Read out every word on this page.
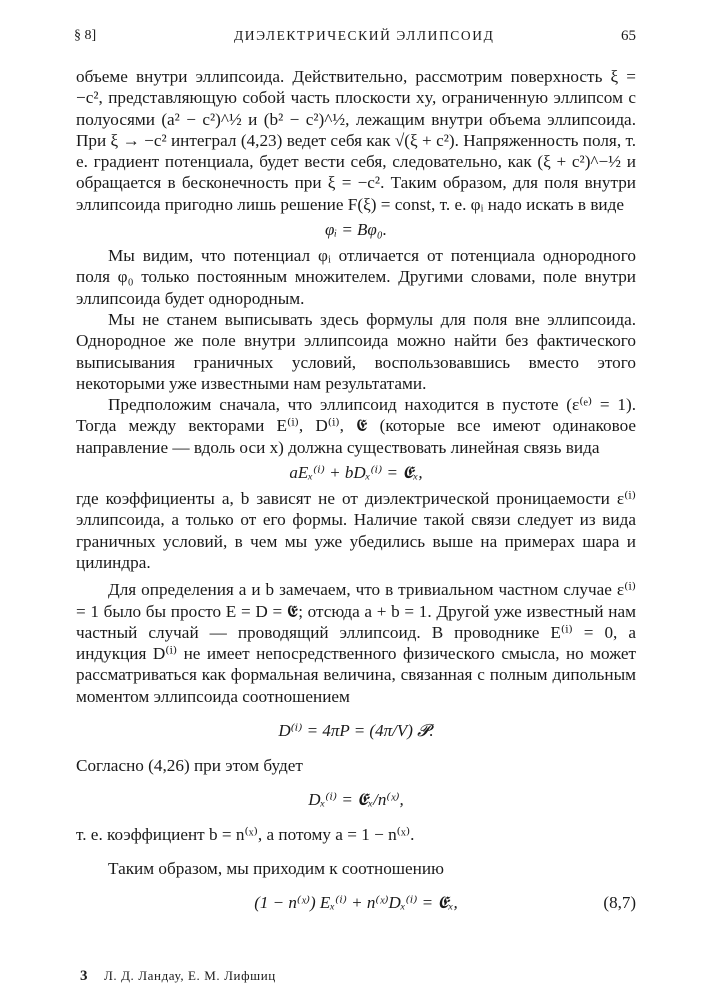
§ 8]	ДИЭЛЕКТРИЧЕСКИЙ ЭЛЛИПСОИД	65

объеме внутри эллипсоида. Действительно, рассмотрим поверхность ξ = −c², представляющую собой часть плоскости xy, ограниченную эллипсом с полуосями (a² − c²)^½ и (b² − c²)^½, лежащим внутри объема эллипсоида. При ξ → −c² интеграл (4,23) ведет себя как √(ξ + c²). Напряженность поля, т. е. градиент потенциала, будет вести себя, следовательно, как (ξ + c²)^−½ и обращается в бесконечность при ξ = −c². Таким образом, для поля внутри эллипсоида пригодно лишь решение F(ξ) = const, т. е. φᵢ надо искать в виде

φᵢ = Bφ₀.

Мы видим, что потенциал φᵢ отличается от потенциала однородного поля φ₀ только постоянным множителем. Другими словами, поле внутри эллипсоида будет однородным.

Мы не станем выписывать здесь формулы для поля вне эллипсоида. Однородное же поле внутри эллипсоида можно найти без фактического выписывания граничных условий, воспользовавшись вместо этого некоторыми уже известными нам результатами.

Предположим сначала, что эллипсоид находится в пустоте (ε⁽ᵉ⁾ = 1). Тогда между векторами E⁽ⁱ⁾, D⁽ⁱ⁾, 𝕰 (которые все имеют одинаковое направление — вдоль оси x) должна существовать линейная связь вида

aEₓ⁽ⁱ⁾ + bDₓ⁽ⁱ⁾ = 𝕰ₓ,

где коэффициенты a, b зависят не от диэлектрической проницаемости ε⁽ⁱ⁾ эллипсоида, а только от его формы. Наличие такой связи следует из вида граничных условий, в чем мы уже убедились выше на примерах шара и цилиндра.

Для определения a и b замечаем, что в тривиальном частном случае ε⁽ⁱ⁾ = 1 было бы просто E = D = 𝕰; отсюда a + b = 1. Другой уже известный нам частный случай — проводящий эллипсоид. В проводнике E⁽ⁱ⁾ = 0, а индукция D⁽ⁱ⁾ не имеет непосредственного физического смысла, но может рассматриваться как формальная величина, связанная с полным дипольным моментом эллипсоида соотношением

D⁽ⁱ⁾ = 4πP = (4π/V) 𝓟.

Согласно (4,26) при этом будет

Dₓ⁽ⁱ⁾ = 𝕰ₓ/n⁽ˣ⁾,

т. е. коэффициент b = n⁽ˣ⁾, а потому a = 1 − n⁽ˣ⁾.

Таким образом, мы приходим к соотношению

(1 − n⁽ˣ⁾) Eₓ⁽ⁱ⁾ + n⁽ˣ⁾Dₓ⁽ⁱ⁾ = 𝕰ₓ,	(8,7)
3 Л. Д. Ландау, Е. М. Лифшиц
